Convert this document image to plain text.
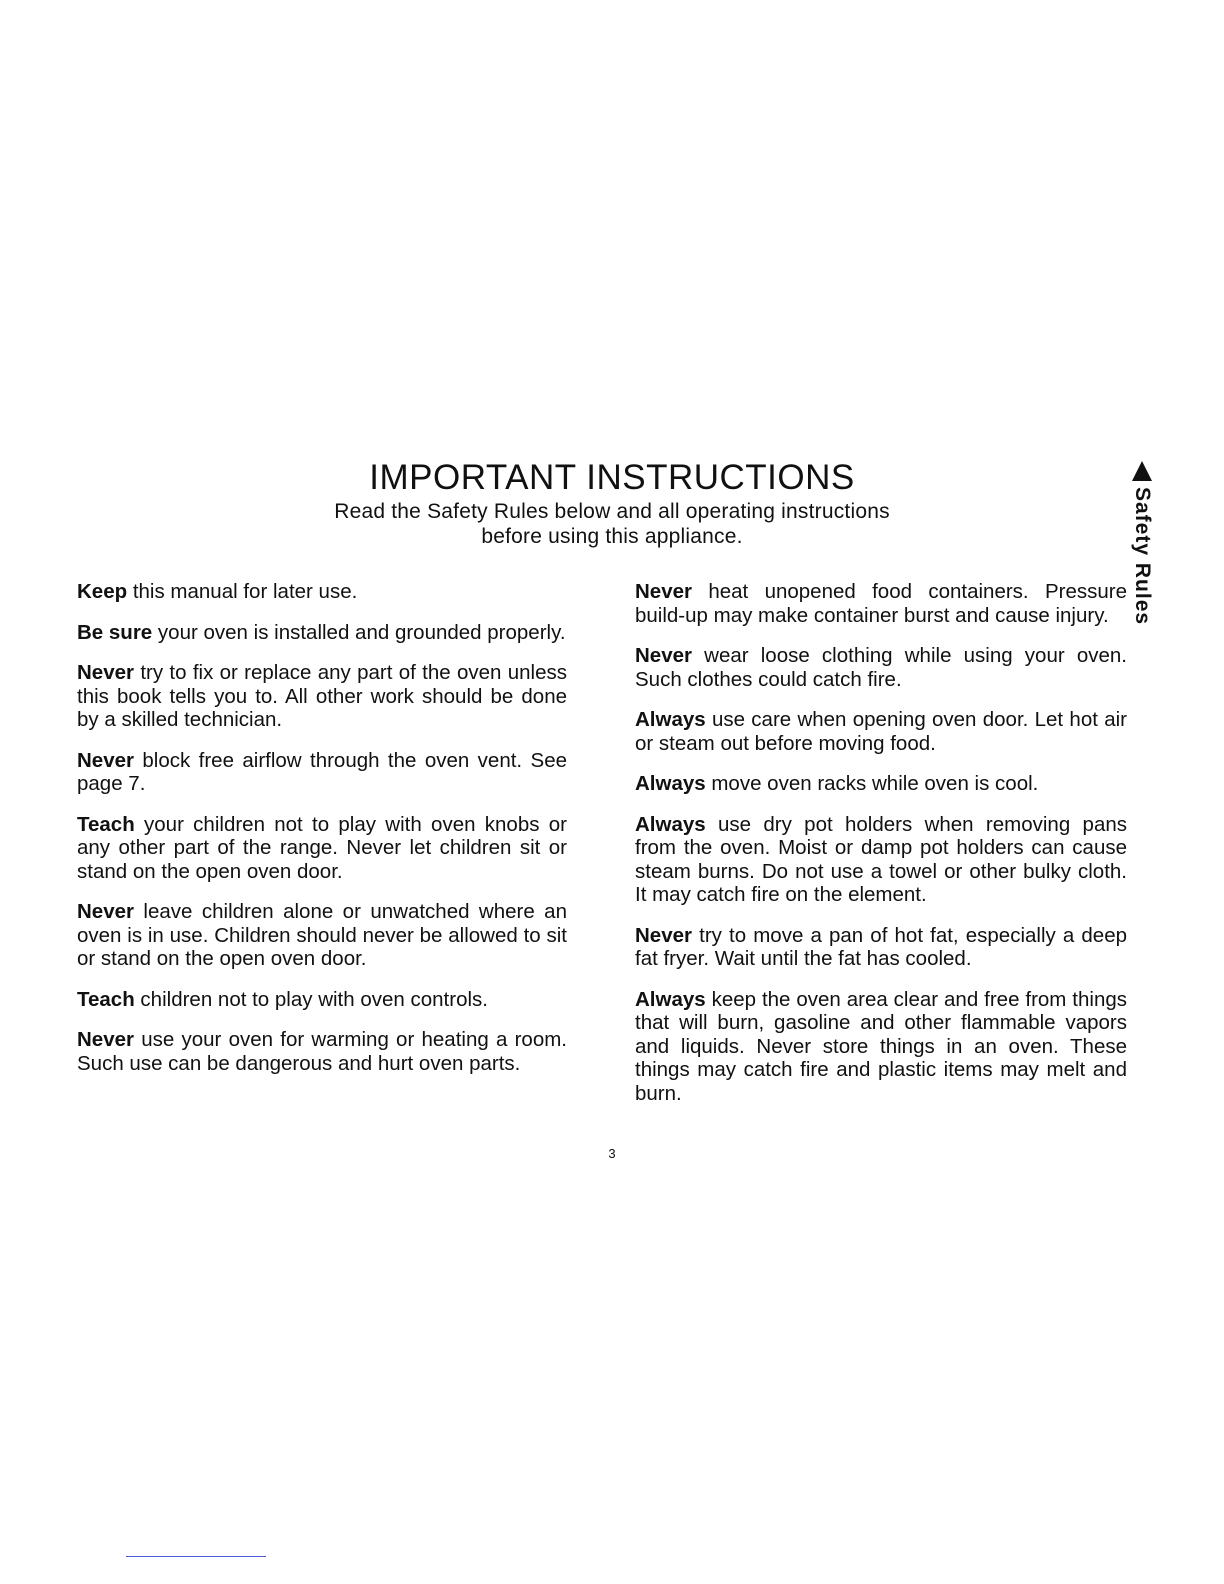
IMPORTANT INSTRUCTIONS

Read the Safety Rules below and all operating instructions

before using this appliance.	Safety Rules

Keep this manual for later use.

Be sure your oven is installed and grounded properly.

Never try to fix or replace any part of the oven unless this book tells you to. All other work should be done by a skilled technician.

Never block free airflow through the oven vent. See page 7.

Teach your children not to play with oven knobs or any other part of the range. Never let children sit or stand on the open oven door.

Never leave children alone or unwatched where an oven is in use. Children should never be allowed to sit or stand on the open oven door.

Teach children not to play with oven controls.

Never use your oven for warming or heating a room. Such use can be dangerous and hurt oven parts.

Never heat unopened food containers. Pressure build-up may make container burst and cause injury.

Never wear loose clothing while using your oven. Such clothes could catch fire.

Always use care when opening oven door. Let hot air or steam out before moving food.

Always move oven racks while oven is cool.

Always use dry pot holders when removing pans from the oven. Moist or damp pot holders can cause steam burns. Do not use a towel or other bulky cloth. It may catch fire on the element.

Never try to move a pan of hot fat, especially a deep fat fryer. Wait until the fat has cooled.

Always keep the oven area clear and free from things that will burn, gasoline and other flammable vapors and liquids. Never store things in an oven. These things may catch fire and plastic items may melt and burn.

3
